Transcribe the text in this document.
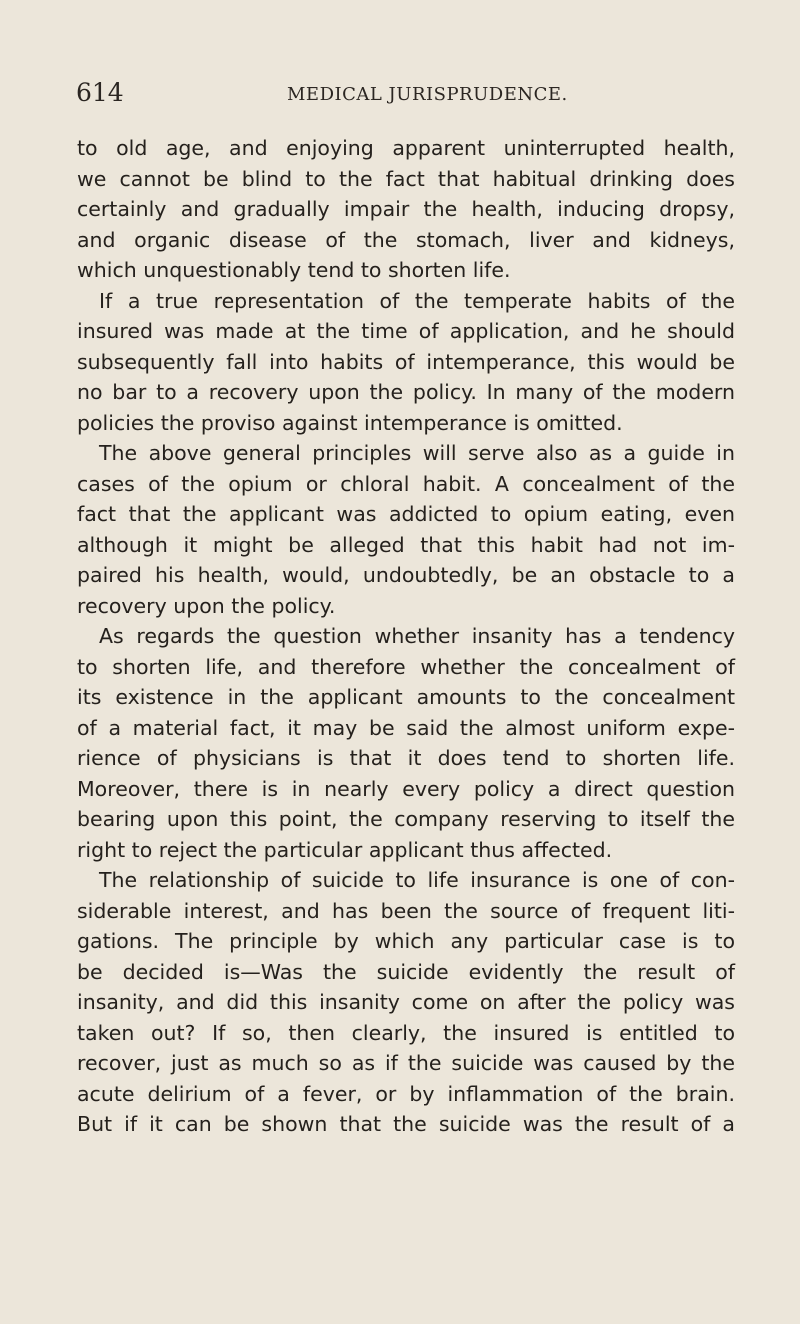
614	MEDICAL JURISPRUDENCE.
to old age, and enjoying apparent uninterrupted health,
we cannot be blind to the fact that habitual drinking does
certainly and gradually impair the health, inducing dropsy,
and organic disease of the stomach, liver and kidneys,
which unquestionably tend to shorten life.
If a true representation of the temperate habits of the
insured was made at the time of application, and he should
subsequently fall into habits of intemperance, this would be
no bar to a recovery upon the policy. In many of the modern
policies the proviso against intemperance is omitted.
The above general principles will serve also as a guide in
cases of the opium or chloral habit. A concealment of the
fact that the applicant was addicted to opium eating, even
although it might be alleged that this habit had not im-
paired his health, would, undoubtedly, be an obstacle to a
recovery upon the policy.
As regards the question whether insanity has a tendency
to shorten life, and therefore whether the concealment of
its existence in the applicant amounts to the concealment
of a material fact, it may be said the almost uniform expe-
rience of physicians is that it does tend to shorten life.
Moreover, there is in nearly every policy a direct question
bearing upon this point, the company reserving to itself the
right to reject the particular applicant thus affected.
The relationship of suicide to life insurance is one of con-
siderable interest, and has been the source of frequent liti-
gations. The principle by which any particular case is to
be decided is—Was the suicide evidently the result of
insanity, and did this insanity come on after the policy was
taken out? If so, then clearly, the insured is entitled to
recover, just as much so as if the suicide was caused by the
acute delirium of a fever, or by inflammation of the brain.
But if it can be shown that the suicide was the result of a
